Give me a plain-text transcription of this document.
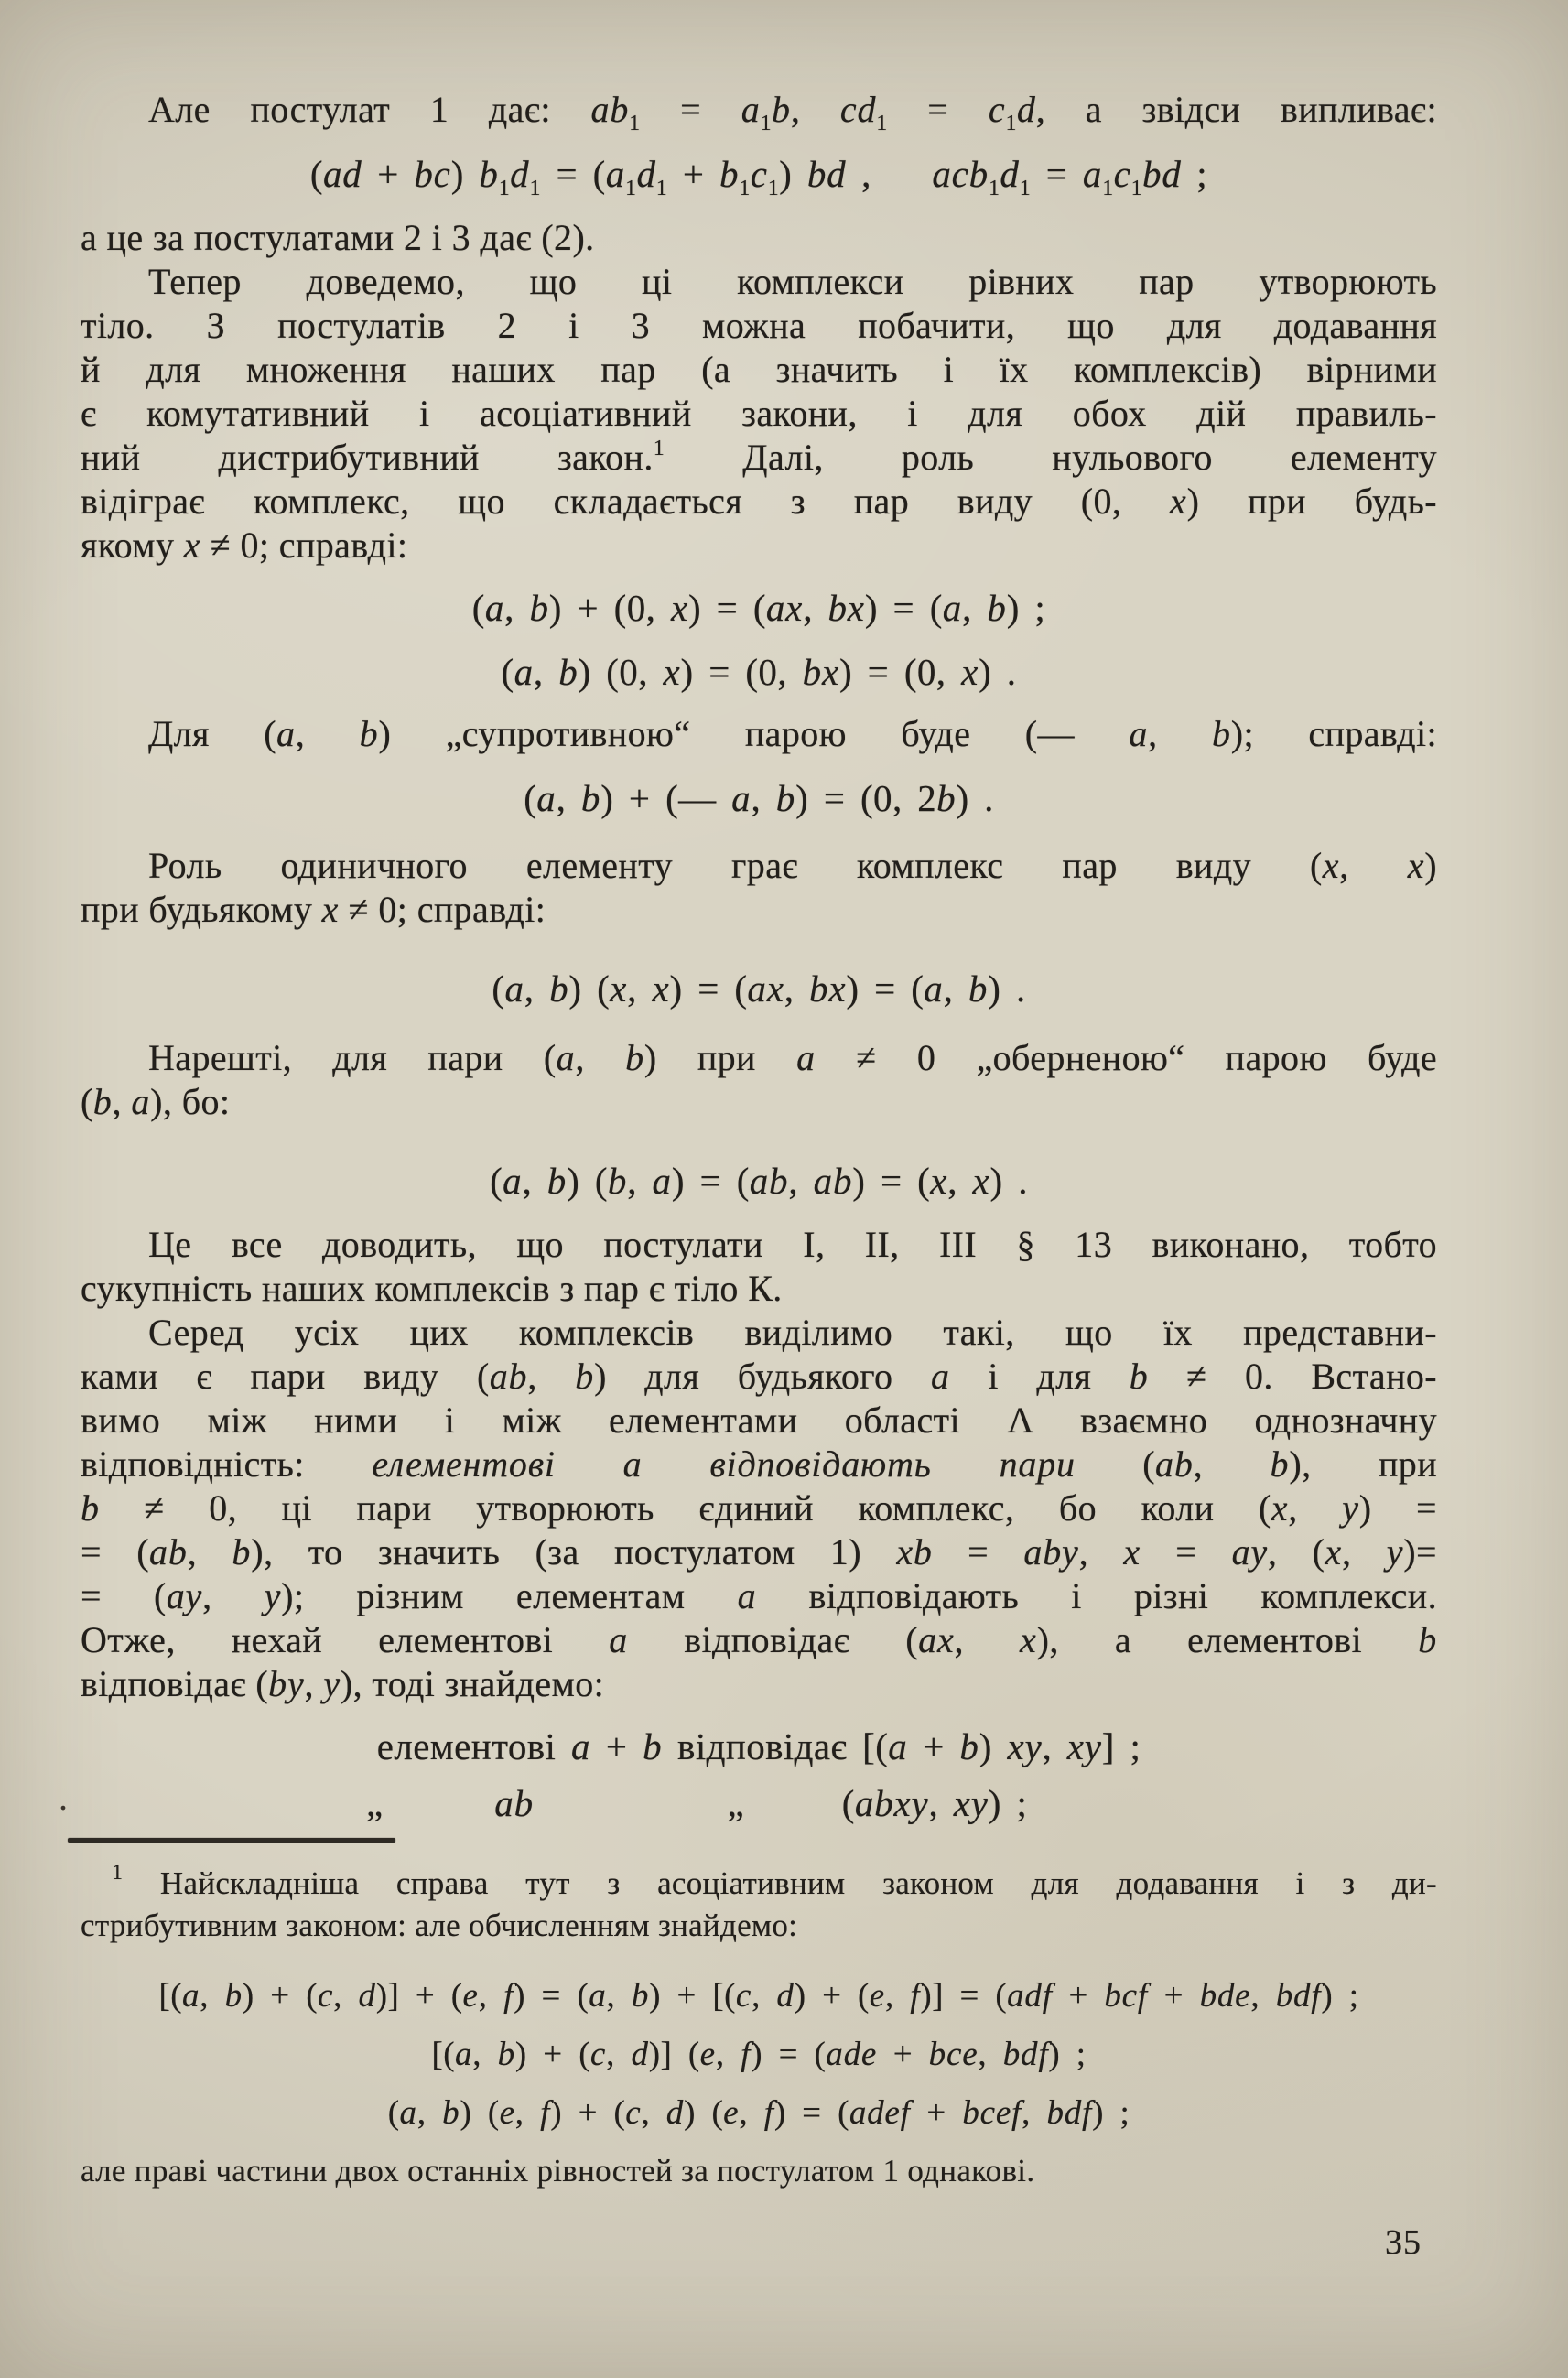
Але постулат 1 дає: $ab_1 = a_1b$, $cd_1 = c_1d$, а звідси випливає:
(ad + bc) $b_1d_1 = (a_1d_1 + b_1c_1)$ bd ,    $acb_1d_1 = a_1c_1bd$ ;
а це за постулатами 2 і 3 дає (2).
Тепер доведемо, що ці комплекси рівних пар утворюють
тіло. З постулатів 2 і 3 можна побачити, що для додавання
й для множення наших пар (а значить і їх комплексів) вірними
є комутативний і асоціативний закони, і для обох дій правиль-
ний дистрибутивний закон.$^1$ Далі, роль нульового елементу
відіграє комплекс, що складається з пар виду (0, x) при будь-
якому x ≠ 0; справді:
(a, b) + (0, x) = (ax, bx) = (a, b) ;
(a, b) (0, x) = (0, bx) = (0, x) .
Для (a, b) „супротивною“ парою буде (— a, b); справді:
(a, b) + (— a, b) = (0, 2b) .
Роль одиничного елементу грає комплекс пар виду (x, x)
при будьякому x ≠ 0; справді:
(a, b) (x, x) = (ax, bx) = (a, b) .
Нарешті, для пари (a, b) при a ≠ 0 „оберненою“ парою буде
(b, a), бо:
(a, b) (b, a) = (ab, ab) = (x, x) .
Це все доводить, що постулати I, II, III § 13 виконано, тобто
сукупність наших комплексів з пар є тіло К.
Серед усіх цих комплексів виділимо такі, що їх представни-
ками є пари виду (ab, b) для будьякого a і для b ≠ 0. Встано-
вимо між ними і між елементами області Λ взаємно однозначну
відповідність: елементові a відповідають пари (ab, b), при
b ≠ 0, ці пари утворюють єдиний комплекс, бо коли (x, y) =
= (ab, b), то значить (за постулатом 1) xb = aby, x = ay, (x, y)=
= (ay, y); різним елементам a відповідають і різні комплекси.
Отже, нехай елементові a відповідає (ax, x), а елементові b
відповідає (by, y), тоді знайдемо:
елементові a + b відповідає [(a + b) xy, xy] ;
.	„	ab	„	(abxy, xy) ;
$^1$ Найскладніша справа тут з асоціативним законом для додавання і з ди-
стрибутивним законом: але обчисленням знайдемо:
[(a, b) + (c, d)] + (e, f) = (a, b) + [(c, d) + (e, f)] = (adf + bcf + bde, bdf) ;
[(a, b) + (c, d)] (e, f) = (ade + bce, bdf) ;
(a, b) (e, f) + (c, d) (e, f) = (adef + bcef, bdf) ;
але праві частини двох останніх рівностей за постулатом 1 однакові.
35
